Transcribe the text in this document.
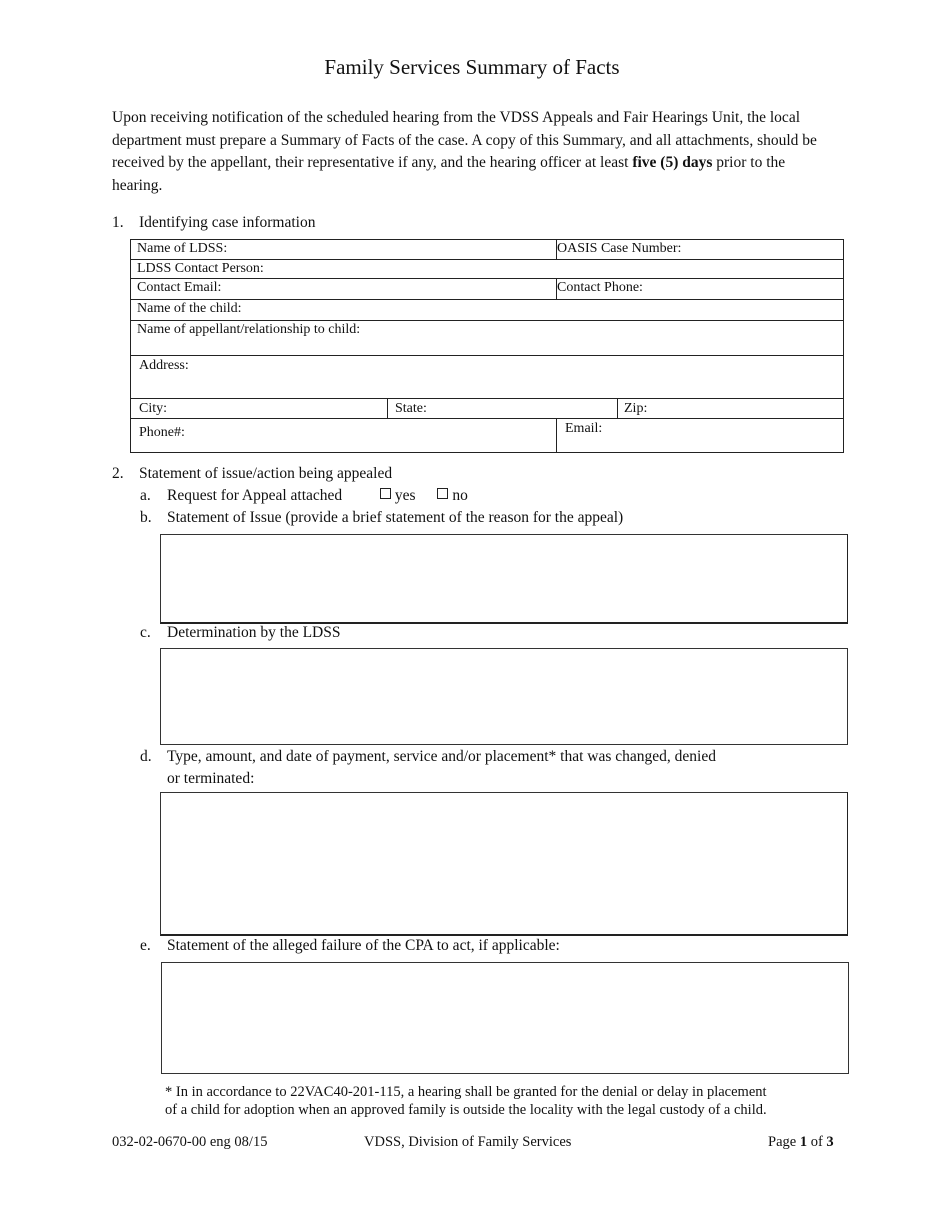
Family Services Summary of Facts
Upon receiving notification of the scheduled hearing from the VDSS Appeals and Fair Hearings Unit, the local department must prepare a Summary of Facts of the case. A copy of this Summary, and all attachments, should be received by the appellant, their representative if any, and the hearing officer at least five (5) days prior to the hearing.
1. Identifying case information
Name of LDSS:	OASIS Case Number:
LDSS Contact Person:
Contact Email:	Contact Phone:
Name of the child:
Name of appellant/relationship to child:
Address:
City:	State:	Zip:
Phone#:	Email:
2. Statement of issue/action being appealed
a. Request for Appeal attached	yes no
b. Statement of Issue (provide a brief statement of the reason for the appeal)
c. Determination by the LDSS
d. Type, amount, and date of payment, service and/or placement* that was changed, denied
or terminated:
e. Statement of the alleged failure of the CPA to act, if applicable:
* In in accordance to 22VAC40-201-115, a hearing shall be granted for the denial or delay in placement
of a child for adoption when an approved family is outside the locality with the legal custody of a child.
032-02-0670-00 eng 08/15	VDSS, Division of Family Services	Page 1 of 3
